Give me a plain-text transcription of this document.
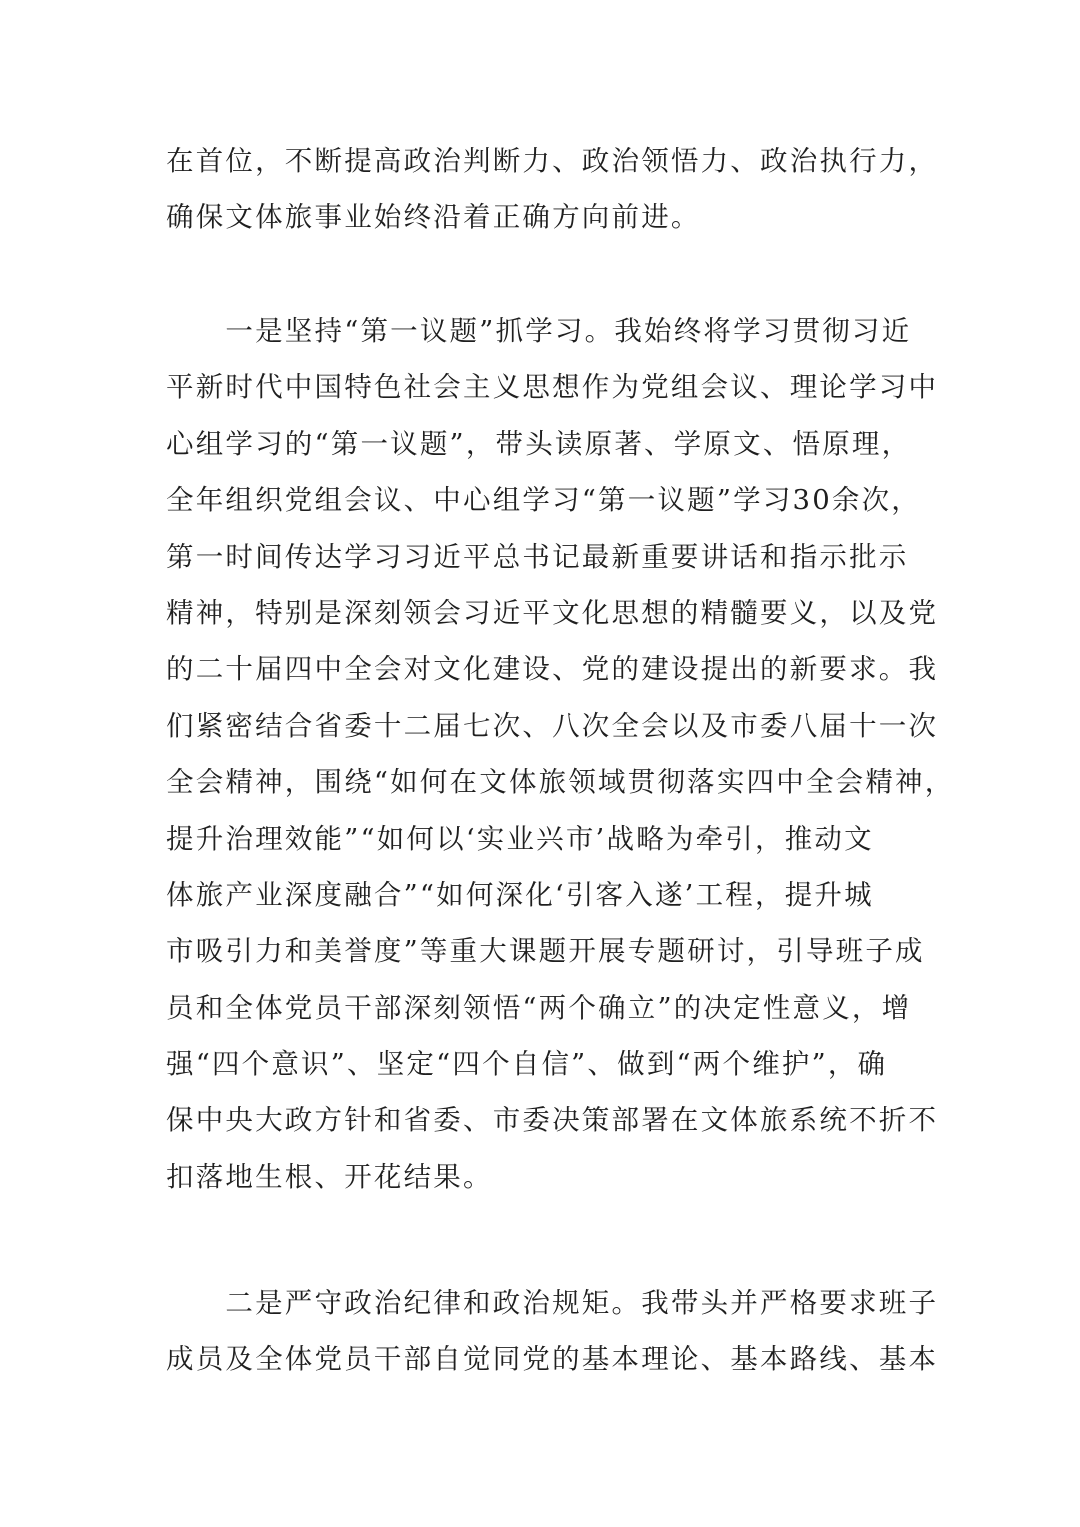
在首位，不断提高政治判断力、政治领悟力、政治执行力，
确保文体旅事业始终沿着正确方向前进。
　　一是坚持“第一议题”抓学习。我始终将学习贯彻习近
平新时代中国特色社会主义思想作为党组会议、理论学习中
心组学习的“第一议题”，带头读原著、学原文、悟原理，
全年组织党组会议、中心组学习“第一议题”学习30余次，
第一时间传达学习习近平总书记最新重要讲话和指示批示
精神，特别是深刻领会习近平文化思想的精髓要义，以及党
的二十届四中全会对文化建设、党的建设提出的新要求。我
们紧密结合省委十二届七次、八次全会以及市委八届十一次
全会精神，围绕“如何在文体旅领域贯彻落实四中全会精神，
提升治理效能”“如何以‘实业兴市’战略为牵引，推动文
体旅产业深度融合”“如何深化‘引客入遂’工程，提升城
市吸引力和美誉度”等重大课题开展专题研讨，引导班子成
员和全体党员干部深刻领悟“两个确立”的决定性意义，增
强“四个意识”、坚定“四个自信”、做到“两个维护”，确
保中央大政方针和省委、市委决策部署在文体旅系统不折不
扣落地生根、开花结果。
　　二是严守政治纪律和政治规矩。我带头并严格要求班子
成员及全体党员干部自觉同党的基本理论、基本路线、基本
